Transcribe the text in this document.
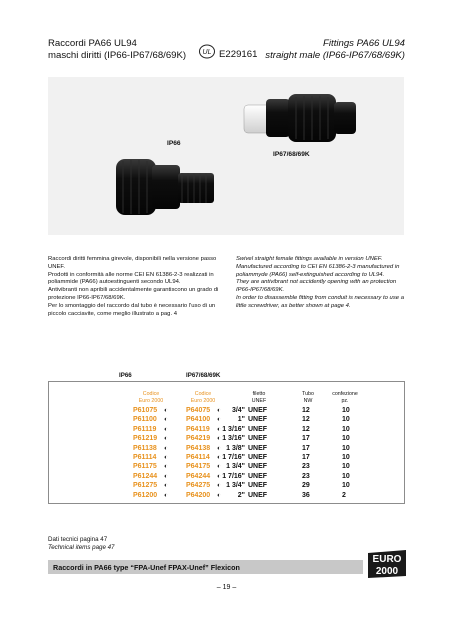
Raccordi PA66 UL94
maschi diritti (IP66-IP67/68/69K) UL E229161
Fittings PA66 UL94
straight male (IP66-IP67/68/69K)
IP66
IP67/68/69K

Raccordi diritti femmina girevole, disponibili nella versione passo UNEF.

Prodotti in conformità alle norme CEI EN 61386-2-3 realizzati in poliammide (PA66) autoestinguenti secondo UL94.

Antivibranti non apribili accidentalmente garantiscono un grado di protezione IP66-IP67/68/69K.

Per lo smontaggio del raccordo dal tubo è necessario l'uso di un piccolo cacciavite, come meglio illustrato a pag. 4

Swivel straight female fittings available in version UNEF.

Manufactured according to CEI EN 61386-2-3 manufactured in poliammyde (PA66) self-extinguished according to UL94.

They are antivibrant not accidently opening with an protection IP66-IP67/68/69K.

In order to disassemble fitting from conduit is necessary to use a little screwdriver, as better shown at page 4.

IP66	IP67/68/69K
Codice
Euro 2000
Codice
Euro 2000
filetto
UNEF
Tubo
NW
confezione
pz.
P61075 ◐	P64075 ◐ 3/4" UNEF	12	10
P61100 ◐	P64100 ◐ 1" UNEF	12	10
P61119 ◐	P64119 ◐ 1 3/16" UNEF	12	10
P61219 ◐	P64219 ◐ 1 3/16" UNEF	17	10
P61138 ◐	P64138 ◐ 1 3/8" UNEF	17	10
P61114 ◐	P64114 ◐ 1 7/16" UNEF	17	10
P61175 ◐	P64175 ◐ 1 3/4" UNEF	23	10
P61244 ◐	P64244 ◐ 1 7/16" UNEF	23	10
P61275 ◐	P64275 ◐ 1 3/4" UNEF	29	10
P61200 ◐	P64200 ◐ 2" UNEF	36	2
Dati tecnici pagina 47
Technical items page 47
Raccordi in PA66 type “FPA-Unef FPAX-Unef” Flexicon
EURO
2000
– 19 –
